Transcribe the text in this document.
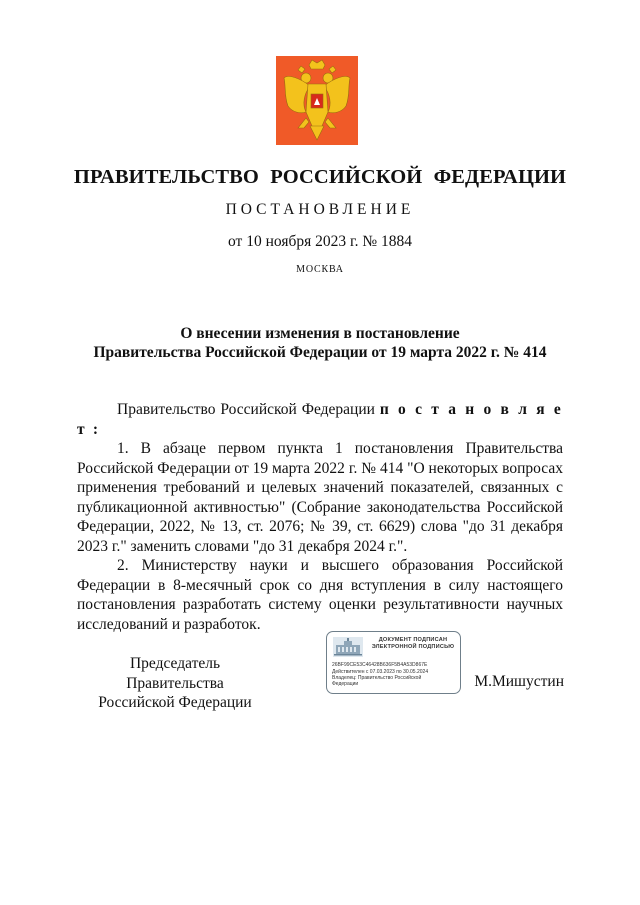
ПРАВИТЕЛЬСТВО РОССИЙСКОЙ ФЕДЕРАЦИИ
ПОСТАНОВЛЕНИЕ
от 10 ноября 2023 г. № 1884
МОСКВА
О внесении изменения в постановление
Правительства Российской Федерации от 19 марта 2022 г. № 414

Правительство Российской Федерации п о с т а н о в л я е т :

1. В абзаце первом пункта 1 постановления Правительства Российской Федерации от 19 марта 2022 г. № 414 "О некоторых вопросах применения требований и целевых значений показателей, связанных с публикационной активностью" (Собрание законодательства Российской Федерации, 2022, № 13, ст. 2076; № 39, ст. 6629) слова "до 31 декабря 2023 г." заменить словами "до 31 декабря 2024 г.".

2. Министерству науки и высшего образования Российской Федерации в 8-месячный срок со дня вступления в силу настоящего постановления разработать систему оценки результативности научных исследований и разработок.

Председатель Правительства
Российской Федерации
ДОКУМЕНТ ПОДПИСАН
ЭЛЕКТРОННОЙ ПОДПИСЬЮ
26BF99CE53C46428B636F5B4A53D867E
Действителен с 07.03.2023 по 30.05.2024
Владелец: Правительство Российской
Федерации	М.Мишустин
